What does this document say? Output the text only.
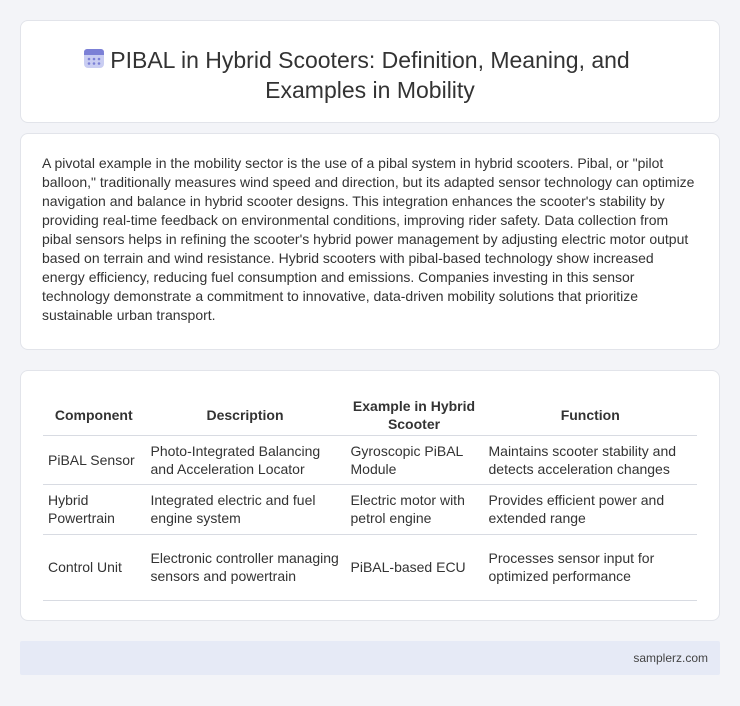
PIBAL in Hybrid Scooters: Definition, Meaning, and Examples in Mobility

A pivotal example in the mobility sector is the use of a pibal system in hybrid scooters. Pibal, or "pilot balloon," traditionally measures wind speed and direction, but its adapted sensor technology can optimize navigation and balance in hybrid scooter designs. This integration enhances the scooter's stability by providing real-time feedback on environmental conditions, improving rider safety. Data collection from pibal sensors helps in refining the scooter's hybrid power management by adjusting electric motor output based on terrain and wind resistance. Hybrid scooters with pibal-based technology show increased energy efficiency, reducing fuel consumption and emissions. Companies investing in this sensor technology demonstrate a commitment to innovative, data-driven mobility solutions that prioritize sustainable urban transport.

Component	Description	Example in Hybrid Scooter	Function
PiBAL Sensor	Photo-Integrated Balancing and Acceleration Locator	Gyroscopic PiBAL Module	Maintains scooter stability and detects acceleration changes
Hybrid Powertrain	Integrated electric and fuel engine system	Electric motor with petrol engine	Provides efficient power and extended range
Control Unit	Electronic controller managing sensors and powertrain	PiBAL-based ECU	Processes sensor input for optimized performance
samplerz.com
